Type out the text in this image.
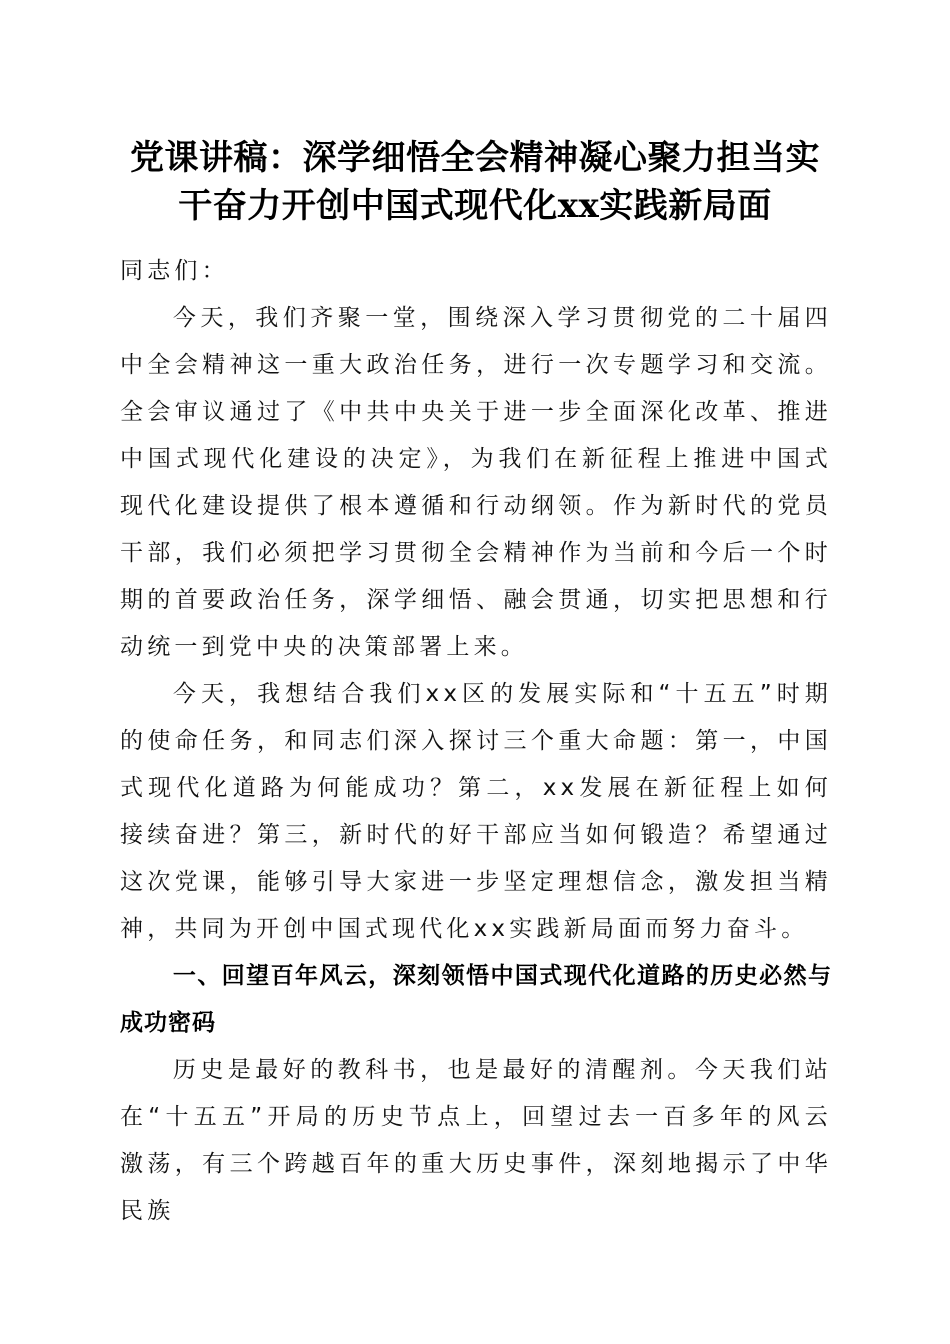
党课讲稿：深学细悟全会精神凝心聚力担当实
干奋力开创中国式现代化xx实践新局面

同志们：

今天，我们齐聚一堂，围绕深入学习贯彻党的二十届四中全会精神这一重大政治任务，进行一次专题学习和交流。全会审议通过了《中共中央关于进一步全面深化改革、推进中国式现代化建设的决定》，为我们在新征程上推进中国式现代化建设提供了根本遵循和行动纲领。作为新时代的党员干部，我们必须把学习贯彻全会精神作为当前和今后一个时期的首要政治任务，深学细悟、融会贯通，切实把思想和行动统一到党中央的决策部署上来。

今天，我想结合我们xx区的发展实际和“十五五”时期的使命任务，和同志们深入探讨三个重大命题：第一，中国式现代化道路为何能成功？第二，xx发展在新征程上如何接续奋进？第三，新时代的好干部应当如何锻造？希望通过这次党课，能够引导大家进一步坚定理想信念，激发担当精神，共同为开创中国式现代化xx实践新局面而努力奋斗。

一、回望百年风云，深刻领悟中国式现代化道路的历史必然与成功密码

历史是最好的教科书，也是最好的清醒剂。今天我们站在“十五五”开局的历史节点上，回望过去一百多年的风云激荡，有三个跨越百年的重大历史事件，深刻地揭示了中华民族
